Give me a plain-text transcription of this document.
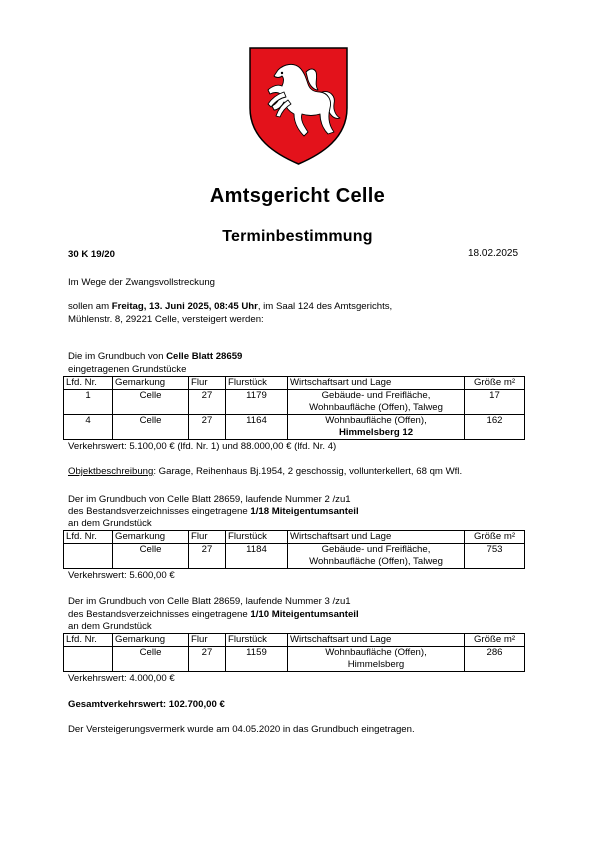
Amtsgericht Celle
Terminbestimmung
30 K 19/20	18.02.2025
Im Wege der Zwangsvollstreckung
sollen am Freitag, 13. Juni 2025, 08:45 Uhr, im Saal 124 des Amtsgerichts,
Mühlenstr. 8, 29221 Celle, versteigert werden:
Die im Grundbuch von Celle Blatt 28659
eingetragenen Grundstücke
Lfd. Nr.	Gemarkung	Flur	Flurstück	Wirtschaftsart und Lage	Größe m²
1	Celle	27	1179	Gebäude- und Freifläche,
Wohnbaufläche (Offen), Talweg	17
4	Celle	27	1164	Wohnbaufläche (Offen),
Himmelsberg 12	162
Verkehrswert: 5.100,00 € (lfd. Nr. 1) und 88.000,00 € (lfd. Nr. 4)
Objektbeschreibung: Garage, Reihenhaus Bj.1954, 2 geschossig, vollunterkellert, 68 qm Wfl.
Der im Grundbuch von Celle Blatt 28659, laufende Nummer 2 /zu1
des Bestandsverzeichnisses eingetragene 1/18 Miteigentumsanteil
an dem Grundstück
Lfd. Nr.	Gemarkung	Flur	Flurstück	Wirtschaftsart und Lage	Größe m²
	Celle	27	1184	Gebäude- und Freifläche,
Wohnbaufläche (Offen), Talweg	753
Verkehrswert: 5.600,00 €
Der im Grundbuch von Celle Blatt 28659, laufende Nummer 3 /zu1
des Bestandsverzeichnisses eingetragene 1/10 Miteigentumsanteil
an dem Grundstück
Lfd. Nr.	Gemarkung	Flur	Flurstück	Wirtschaftsart und Lage	Größe m²
	Celle	27	1159	Wohnbaufläche (Offen),
Himmelsberg	286
Verkehrswert: 4.000,00 €
Gesamtverkehrswert: 102.700,00 €
Der Versteigerungsvermerk wurde am 04.05.2020 in das Grundbuch eingetragen.
